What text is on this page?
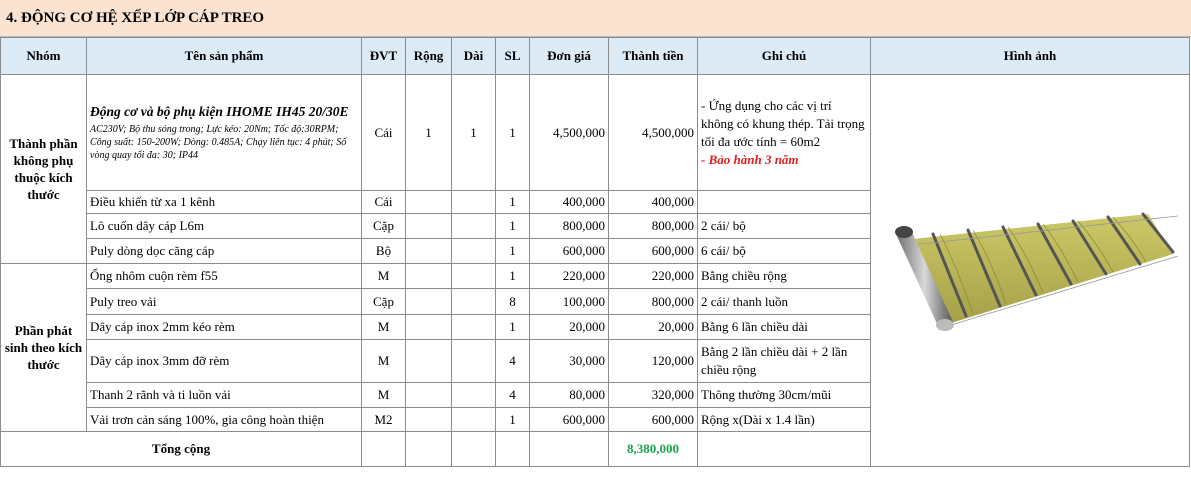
4. ĐỘNG CƠ HỆ XẾP LỚP CÁP TREO
Nhóm	Tên sản phẩm	ĐVT	Rộng	Dài	SL	Đơn giá	Thành tiền	Ghi chú	Hình ảnh
Thành phần không phụ thuộc kích thước	Động cơ và bộ phụ kiện IHOME IH45 20/30E
AC230V; Bộ thu sóng trong; Lực kéo: 20Nm; Tốc độ:30RPM; Công suất: 150-200W; Dòng: 0.485A; Chạy liên tục: 4 phút; Số vòng quay tối đa: 30; IP44	Cái	1	1	1	4,500,000	4,500,000	- Ứng dụng cho các vị trí không có khung thép. Tải trọng tối đa ước tính = 60m2
- Bảo hành 3 năm	
	Điều khiển từ xa 1 kênh	Cái			1	400,000	400,000		
	Lô cuốn dây cáp L6m	Cặp			1	800,000	800,000	2 cái/ bộ	
	Puly dòng dọc căng cáp	Bộ			1	600,000	600,000	6 cái/ bộ	
Phần phát sinh theo kích thước	Ống nhôm cuộn rèm f55	M			1	220,000	220,000	Bằng chiều rộng	
	Puly treo vải	Cặp			8	100,000	800,000	2 cái/ thanh luồn	
	Dây cáp inox 2mm kéo rèm	M			1	20,000	20,000	Bằng 6 lần chiều dài	
	Dây cáp inox 3mm đỡ rèm	M			4	30,000	120,000	Bằng 2 lần chiều dài + 2 lần chiều rộng	
	Thanh 2 rãnh và ti luồn vải	M			4	80,000	320,000	Thông thường 30cm/mũi	
	Vải trơn cản sáng 100%, gia công hoàn thiện	M2			1	600,000	600,000	Rộng x(Dài x 1.4 lần)	
Tổng cộng							8,380,000		
